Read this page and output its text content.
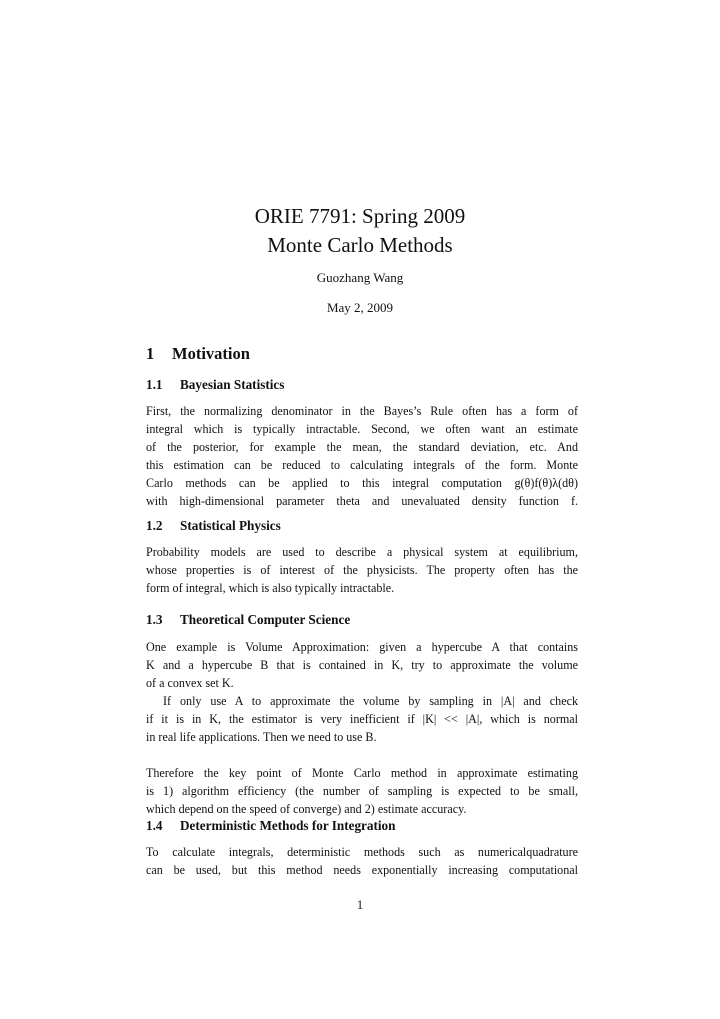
ORIE 7791: Spring 2009
Monte Carlo Methods
Guozhang Wang
May 2, 2009
1 Motivation
1.1 Bayesian Statistics

First, the normalizing denominator in the Bayes’s Rule often has a form of
integral which is typically intractable. Second, we often want an estimate
of the posterior, for example the mean, the standard deviation, etc. And
this estimation can be reduced to calculating integrals of the form. Monte
Carlo methods can be applied to this integral computation g(θ)f(θ)λ(dθ)
with high-dimensional parameter theta and unevaluated density function f.

1.2 Statistical Physics

Probability models are used to describe a physical system at equilibrium,
whose properties is of interest of the physicists. The property often has the
form of integral, which is also typically intractable.

1.3 Theoretical Computer Science

One example is Volume Approximation: given a hypercube A that contains
K and a hypercube B that is contained in K, try to approximate the volume
of a convex set K.

If only use A to approximate the volume by sampling in |A| and check

if it is in K, the estimator is very inefficient if |K| << |A|, which is normal
in real life applications. Then we need to use B.

Therefore the key point of Monte Carlo method in approximate estimating
is 1) algorithm efficiency (the number of sampling is expected to be small,
which depend on the speed of converge) and 2) estimate accuracy.

1.4 Deterministic Methods for Integration

To calculate integrals, deterministic methods such as numericalquadrature
can be used, but this method needs exponentially increasing computational

1
